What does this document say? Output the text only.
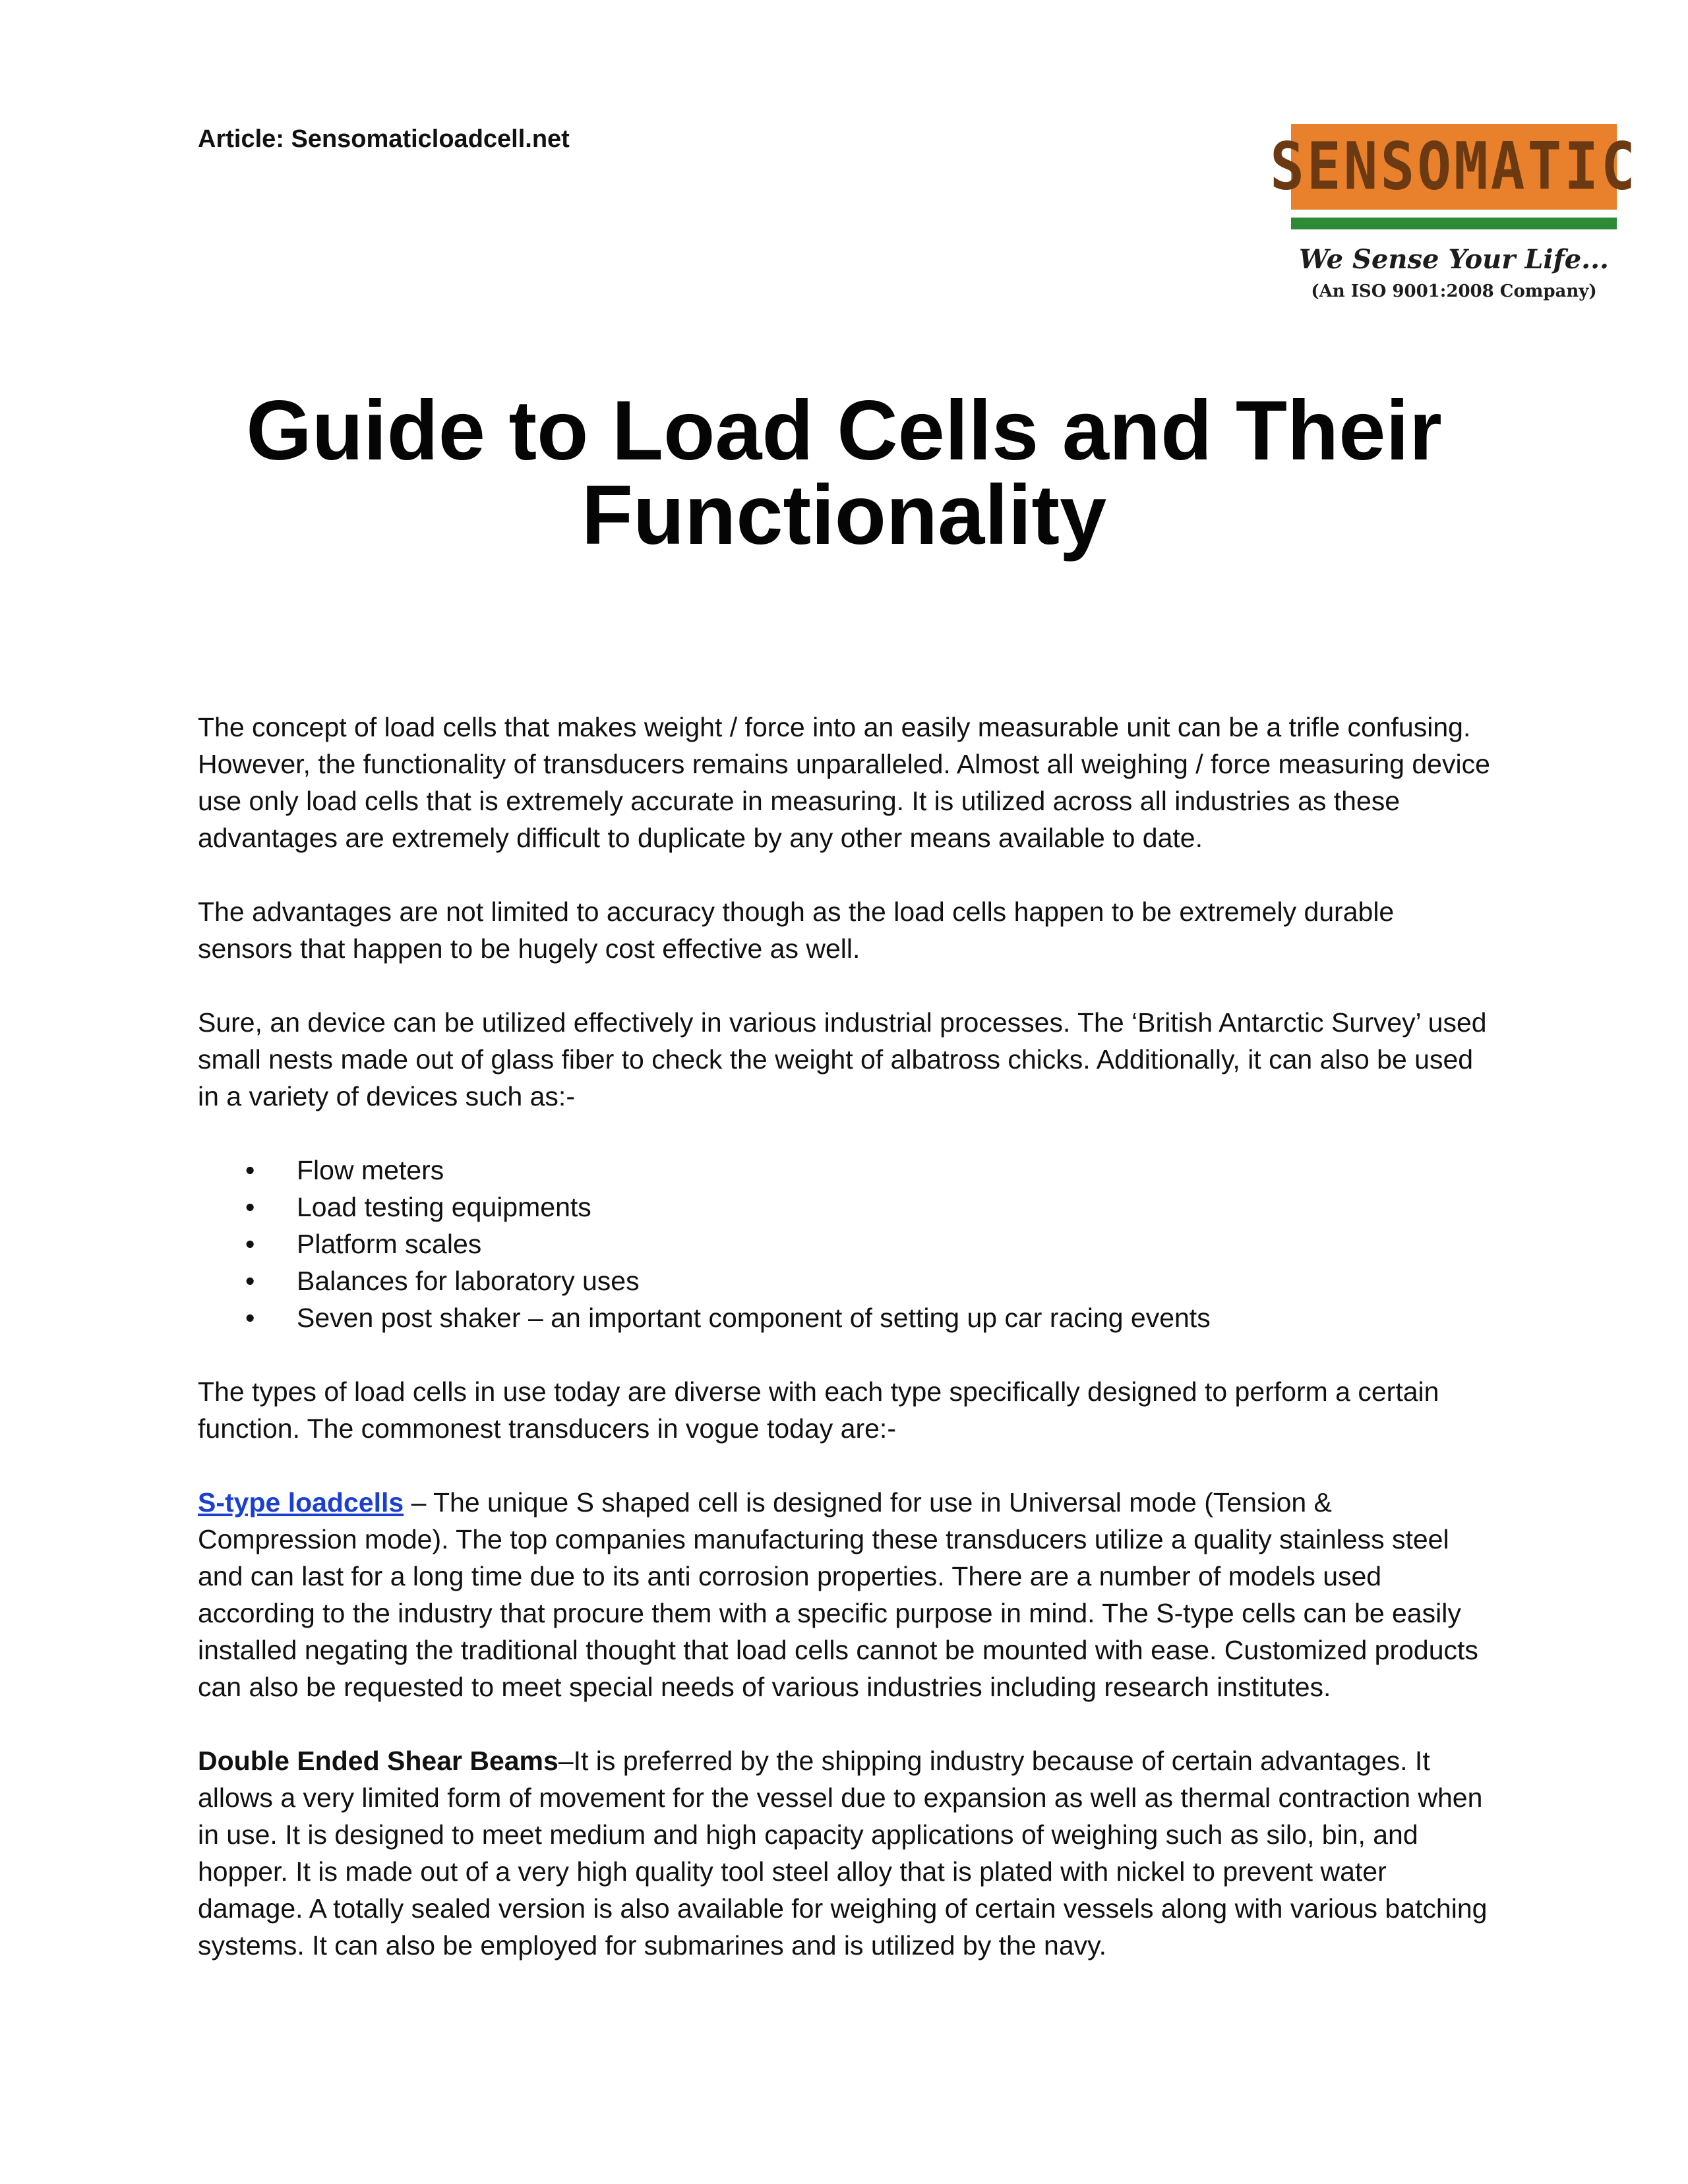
Article: Sensomaticloadcell.net	SENSOMATIC
We Sense Your Life...
(An ISO 9001:2008 Company)
Guide to Load Cells and Their
Functionality

The concept of load cells that makes weight / force into an easily measurable unit can be a trifle confusing. However, the functionality of transducers remains unparalleled. Almost all weighing / force measuring device use only load cells that is extremely accurate in measuring. It is utilized across all industries as these advantages are extremely difficult to duplicate by any other means available to date.

The advantages are not limited to accuracy though as the load cells happen to be extremely durable sensors that happen to be hugely cost effective as well.

Sure, an device can be utilized effectively in various industrial processes. The ‘British Antarctic Survey’ used small nests made out of glass fiber to check the weight of albatross chicks. Additionally, it can also be used in a variety of devices such as:-

•	Flow meters
•	Load testing equipments
•	Platform scales
•	Balances for laboratory uses
•	Seven post shaker – an important component of setting up car racing events

The types of load cells in use today are diverse with each type specifically designed to perform a certain function. The commonest transducers in vogue today are:-

S-type loadcells – The unique S shaped cell is designed for use in Universal mode (Tension & Compression mode). The top companies manufacturing these transducers utilize a quality stainless steel and can last for a long time due to its anti corrosion properties. There are a number of models used according to the industry that procure them with a specific purpose in mind. The S-type cells can be easily installed negating the traditional thought that load cells cannot be mounted with ease. Customized products can also be requested to meet special needs of various industries including research institutes.

Double Ended Shear Beams–It is preferred by the shipping industry because of certain advantages. It allows a very limited form of movement for the vessel due to expansion as well as thermal contraction when in use. It is designed to meet medium and high capacity applications of weighing such as silo, bin, and hopper. It is made out of a very high quality tool steel alloy that is plated with nickel to prevent water damage. A totally sealed version is also available for weighing of certain vessels along with various batching systems. It can also be employed for submarines and is utilized by the navy.
